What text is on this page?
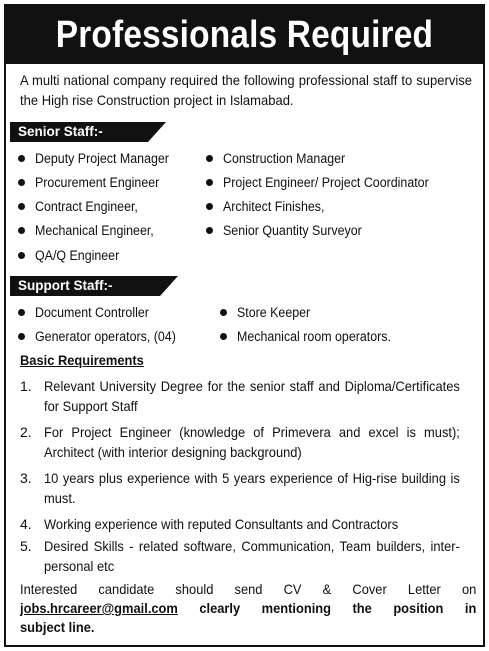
Professionals Required

A multi national company required the following professional staff to supervise the High rise Construction project in Islamabad.

Senior Staff:-
Deputy Project Manager	Construction Manager
Procurement Engineer	Project Engineer/ Project Coordinator
Contract Engineer,	Architect Finishes,
Mechanical Engineer,	Senior Quantity Surveyor
QA/Q Engineer
Support Staff:-
Document Controller	Store Keeper
Generator operators, (04)	Mechanical room operators.
Basic Requirements
1. Relevant University Degree for the senior staff and Diploma/Certificates for Support Staff
2. For Project Engineer (knowledge of Primevera and excel is must); Architect (with interior designing background)
3. 10 years plus experience with 5 years experience of Hig-rise building is must.
4. Working experience with reputed Consultants and Contractors
5. Desired Skills - related software, Communication, Team builders, inter-personal etc
Interested candidate should send CV & Cover Letter on
jobs.hrcareer@gmail.com clearly mentioning the position in
subject line.
